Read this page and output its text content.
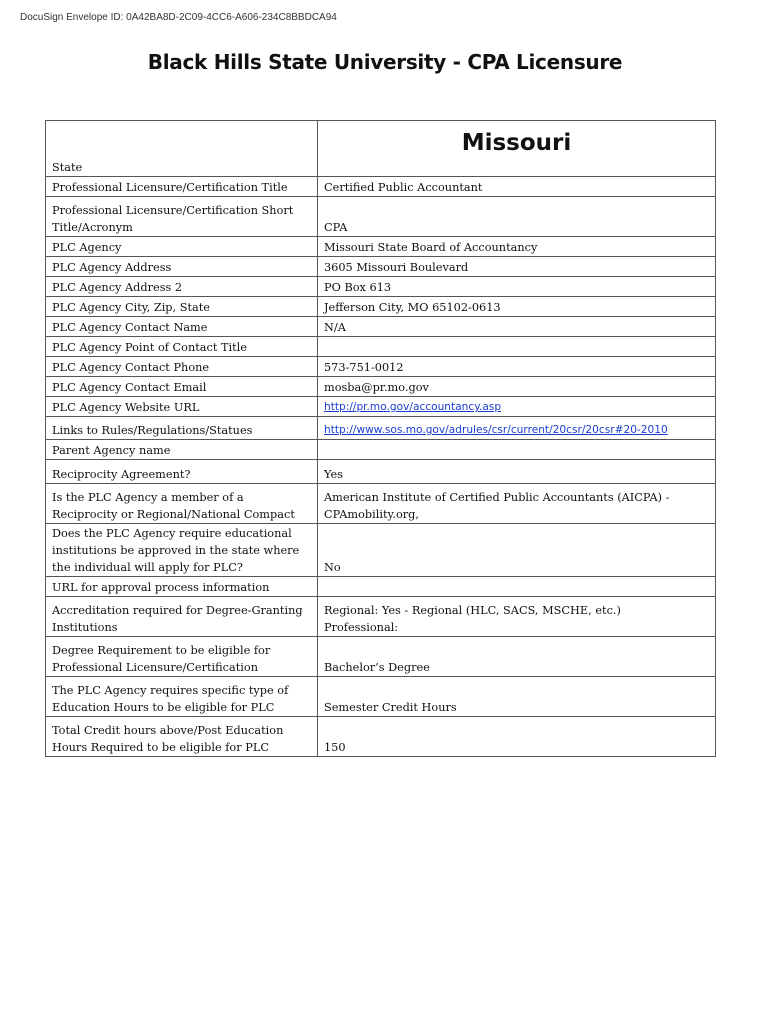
DocuSign Envelope ID: 0A42BA8D-2C09-4CC6-A606-234C8BBDCA94
Black Hills State University - CPA Licensure
State	Missouri
Professional Licensure/Certification Title	Certified Public Accountant
Professional Licensure/Certification Short Title/Acronym	CPA
PLC Agency	Missouri State Board of Accountancy
PLC Agency Address	3605 Missouri Boulevard
PLC Agency Address 2	PO Box 613
PLC Agency City, Zip, State	Jefferson City, MO 65102-0613
PLC Agency Contact Name	N/A
PLC Agency Point of Contact Title	
PLC Agency Contact Phone	573-751-0012
PLC Agency Contact Email	mosba@pr.mo.gov
PLC Agency Website URL	http://pr.mo.gov/accountancy.asp
Links to Rules/Regulations/Statues	http://www.sos.mo.gov/adrules/csr/current/20csr/20csr#20-2010
Parent Agency name	
Reciprocity Agreement?	Yes
Is the PLC Agency a member of a Reciprocity or Regional/National Compact	American Institute of Certified Public Accountants (AICPA) - CPAmobility.org,
Does the PLC Agency require educational institutions be approved in the state where the individual will apply for PLC?	No
URL for approval process information	
Accreditation required for Degree-Granting Institutions	Regional: Yes - Regional (HLC, SACS, MSCHE, etc.)
Professional:

Degree Requirement to be eligible for Professional Licensure/Certification	Bachelor’s Degree
The PLC Agency requires specific type of Education Hours to be eligible for PLC	Semester Credit Hours
Total Credit hours above/Post Education Hours Required to be eligible for PLC	150
